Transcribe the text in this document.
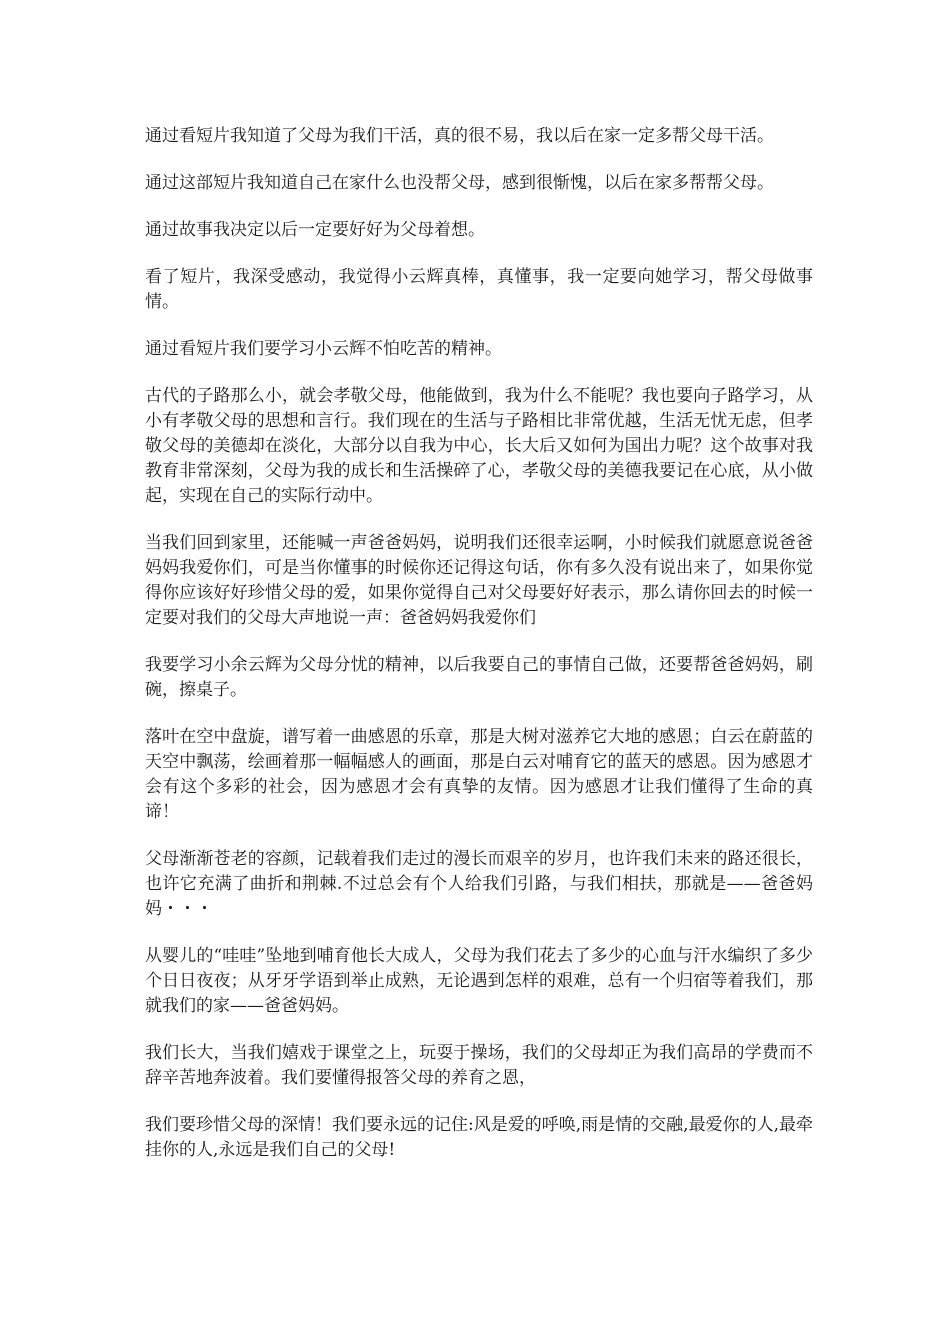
通过看短片我知道了父母为我们干活，真的很不易，我以后在家一定多帮父母干活。

通过这部短片我知道自己在家什么也没帮父母，感到很惭愧，以后在家多帮帮父母。

通过故事我决定以后一定要好好为父母着想。

看了短片，我深受感动，我觉得小云辉真棒，真懂事，我一定要向她学习，帮父母做事情。

通过看短片我们要学习小云辉不怕吃苦的精神。

古代的子路那么小，就会孝敬父母，他能做到，我为什么不能呢？我也要向子路学习，从小有孝敬父母的思想和言行。我们现在的生活与子路相比非常优越，生活无忧无虑，但孝敬父母的美德却在淡化，大部分以自我为中心，长大后又如何为国出力呢？这个故事对我教育非常深刻，父母为我的成长和生活操碎了心，孝敬父母的美德我要记在心底，从小做起，实现在自己的实际行动中。

当我们回到家里，还能喊一声爸爸妈妈，说明我们还很幸运啊，小时候我们就愿意说爸爸妈妈我爱你们，可是当你懂事的时候你还记得这句话，你有多久没有说出来了，如果你觉得你应该好好珍惜父母的爱，如果你觉得自己对父母要好好表示，那么请你回去的时候一定要对我们的父母大声地说一声：爸爸妈妈我爱你们

我要学习小余云辉为父母分忧的精神，以后我要自己的事情自己做，还要帮爸爸妈妈，刷碗，擦桌子。

落叶在空中盘旋，谱写着一曲感恩的乐章，那是大树对滋养它大地的感恩；白云在蔚蓝的天空中飘荡，绘画着那一幅幅感人的画面，那是白云对哺育它的蓝天的感恩。因为感恩才会有这个多彩的社会，因为感恩才会有真挚的友情。因为感恩才让我们懂得了生命的真谛！

父母渐渐苍老的容颜，记载着我们走过的漫长而艰辛的岁月，也许我们未来的路还很长，也许它充满了曲折和荆棘.不过总会有个人给我们引路，与我们相扶，那就是——爸爸妈妈・・・

从婴儿的“哇哇”坠地到哺育他长大成人，父母为我们花去了多少的心血与汗水编织了多少个日日夜夜；从牙牙学语到举止成熟，无论遇到怎样的艰难，总有一个归宿等着我们，那就我们的家——爸爸妈妈。

我们长大，当我们嬉戏于课堂之上，玩耍于操场，我们的父母却正为我们高昂的学费而不辞辛苦地奔波着。我们要懂得报答父母的养育之恩，

我们要珍惜父母的深情！我们要永远的记住:风是爱的呼唤,雨是情的交融,最爱你的人,最牵挂你的人,永远是我们自己的父母!
